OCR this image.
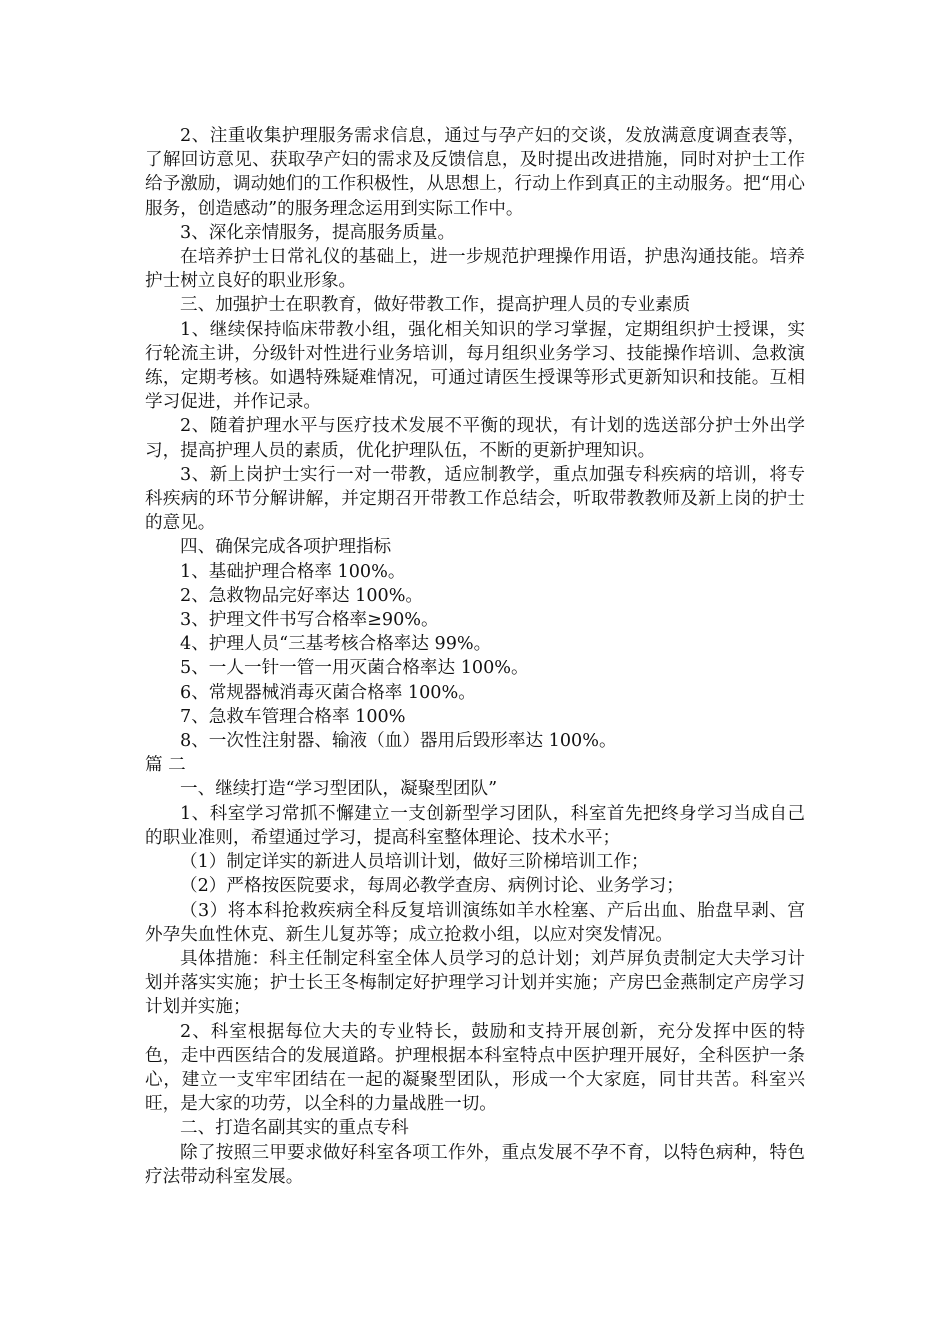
2、注重收集护理服务需求信息，通过与孕产妇的交谈，发放满意度调查表等，了解回访意见、获取孕产妇的需求及反馈信息，及时提出改进措施，同时对护士工作给予激励，调动她们的工作积极性，从思想上，行动上作到真正的主动服务。把“用心服务，创造感动”的服务理念运用到实际工作中。

3、深化亲情服务，提高服务质量。

在培养护士日常礼仪的基础上，进一步规范护理操作用语，护患沟通技能。培养护士树立良好的职业形象。

三、加强护士在职教育，做好带教工作，提高护理人员的专业素质

1、继续保持临床带教小组，强化相关知识的学习掌握，定期组织护士授课，实行轮流主讲，分级针对性进行业务培训，每月组织业务学习、技能操作培训、急救演练，定期考核。如遇特殊疑难情况，可通过请医生授课等形式更新知识和技能。互相学习促进，并作记录。

2、随着护理水平与医疗技术发展不平衡的现状，有计划的选送部分护士外出学习，提高护理人员的素质，优化护理队伍，不断的更新护理知识。

3、新上岗护士实行一对一带教，适应制教学，重点加强专科疾病的培训，将专科疾病的环节分解讲解，并定期召开带教工作总结会，听取带教教师及新上岗的护士的意见。

四、确保完成各项护理指标

1、基础护理合格率 100%。

2、急救物品完好率达 100%。

3、护理文件书写合格率≥90%。

4、护理人员“三基考核合格率达 99%。

5、一人一针一管一用灭菌合格率达 100%。

6、常规器械消毒灭菌合格率 100%。

7、急救车管理合格率 100%

8、一次性注射器、输液（血）器用后毁形率达 100%。

篇 二

一、继续打造“学习型团队，凝聚型团队”

1、科室学习常抓不懈建立一支创新型学习团队，科室首先把终身学习当成自己的职业准则，希望通过学习，提高科室整体理论、技术水平；

（1）制定详实的新进人员培训计划，做好三阶梯培训工作；

（2）严格按医院要求，每周必教学查房、病例讨论、业务学习；

（3）将本科抢救疾病全科反复培训演练如羊水栓塞、产后出血、胎盘早剥、宫外孕失血性休克、新生儿复苏等；成立抢救小组，以应对突发情况。

具体措施：科主任制定科室全体人员学习的总计划；刘芦屏负责制定大夫学习计划并落实实施；护士长王冬梅制定好护理学习计划并实施；产房巴金燕制定产房学习计划并实施；

2、科室根据每位大夫的专业特长，鼓励和支持开展创新，充分发挥中医的特色，走中西医结合的发展道路。护理根据本科室特点中医护理开展好，全科医护一条心，建立一支牢牢团结在一起的凝聚型团队，形成一个大家庭，同甘共苦。科室兴旺，是大家的功劳，以全科的力量战胜一切。

二、打造名副其实的重点专科

除了按照三甲要求做好科室各项工作外，重点发展不孕不育，以特色病种，特色疗法带动科室发展。
